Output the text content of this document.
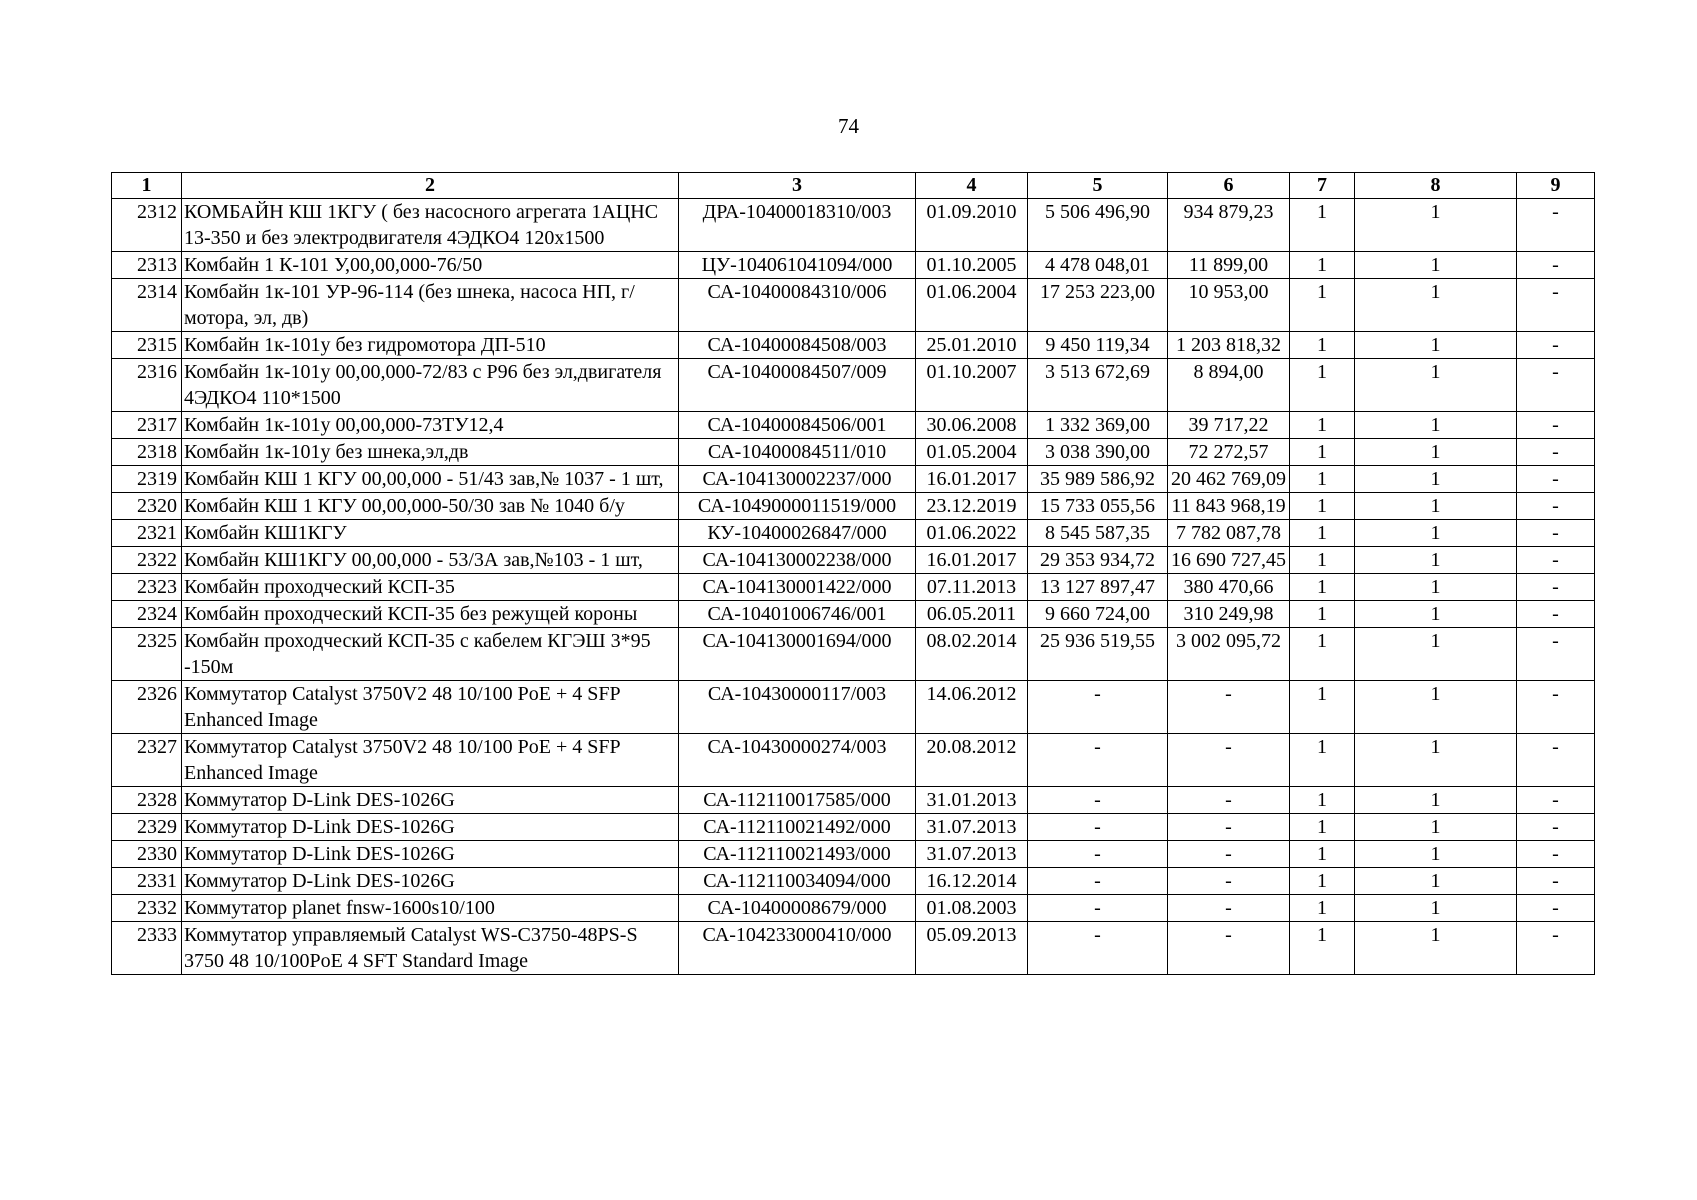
74
1	2	3	4	5	6	7	8	9
2312	КОМБАЙН КШ 1КГУ ( без насосного агрегата 1АЦНС 13-350 и без электродвигателя 4ЭДКО4 120х1500	ДРА-10400018310/003	01.09.2010	5 506 496,90	934 879,23	1	1	-
2313	Комбайн 1 К-101 У,00,00,000-76/50	ЦУ-104061041094/000	01.10.2005	4 478 048,01	11 899,00	1	1	-
2314	Комбайн 1к-101 УР-96-114 (без шнека, насоса НП, г/мотора, эл, дв)	СА-10400084310/006	01.06.2004	17 253 223,00	10 953,00	1	1	-
2315	Комбайн 1к-101у без гидромотора ДП-510	СА-10400084508/003	25.01.2010	9 450 119,34	1 203 818,32	1	1	-
2316	Комбайн 1к-101у 00,00,000-72/83 с Р96 без эл,двигателя 4ЭДКО4 110*1500	СА-10400084507/009	01.10.2007	3 513 672,69	8 894,00	1	1	-
2317	Комбайн 1к-101у 00,00,000-73ТУ12,4	СА-10400084506/001	30.06.2008	1 332 369,00	39 717,22	1	1	-
2318	Комбайн 1к-101у без шнека,эл,дв	СА-10400084511/010	01.05.2004	3 038 390,00	72 272,57	1	1	-
2319	Комбайн КШ 1 КГУ 00,00,000 - 51/43 зав,№ 1037 - 1 шт,	СА-104130002237/000	16.01.2017	35 989 586,92	20 462 769,09	1	1	-
2320	Комбайн КШ 1 КГУ 00,00,000-50/30 зав № 1040 б/у	СА-1049000011519/000	23.12.2019	15 733 055,56	11 843 968,19	1	1	-
2321	Комбайн КШ1КГУ	КУ-10400026847/000	01.06.2022	8 545 587,35	7 782 087,78	1	1	-
2322	Комбайн КШ1КГУ 00,00,000 - 53/3А зав,№103 - 1 шт,	СА-104130002238/000	16.01.2017	29 353 934,72	16 690 727,45	1	1	-
2323	Комбайн проходческий КСП-35	СА-104130001422/000	07.11.2013	13 127 897,47	380 470,66	1	1	-
2324	Комбайн проходческий КСП-35 без режущей короны	СА-10401006746/001	06.05.2011	9 660 724,00	310 249,98	1	1	-
2325	Комбайн проходческий КСП-35 с кабелем КГЭШ 3*95 -150м	СА-104130001694/000	08.02.2014	25 936 519,55	3 002 095,72	1	1	-
2326	Коммутатор Catalyst 3750V2 48 10/100 PoE + 4 SFP Enhanced Image	СА-10430000117/003	14.06.2012	-	-	1	1	-
2327	Коммутатор Catalyst 3750V2 48 10/100 PoE + 4 SFP Enhanced Image	СА-10430000274/003	20.08.2012	-	-	1	1	-
2328	Коммутатор D-Link DES-1026G	СА-112110017585/000	31.01.2013	-	-	1	1	-
2329	Коммутатор D-Link DES-1026G	СА-112110021492/000	31.07.2013	-	-	1	1	-
2330	Коммутатор D-Link DES-1026G	СА-112110021493/000	31.07.2013	-	-	1	1	-
2331	Коммутатор D-Link DES-1026G	СА-112110034094/000	16.12.2014	-	-	1	1	-
2332	Коммутатор planet fnsw-1600s10/100	СА-10400008679/000	01.08.2003	-	-	1	1	-
2333	Коммутатор управляемый Catalyst WS-C3750-48PS-S 3750 48 10/100PoE 4 SFT Standard Image	СА-104233000410/000	05.09.2013	-	-	1	1	-
